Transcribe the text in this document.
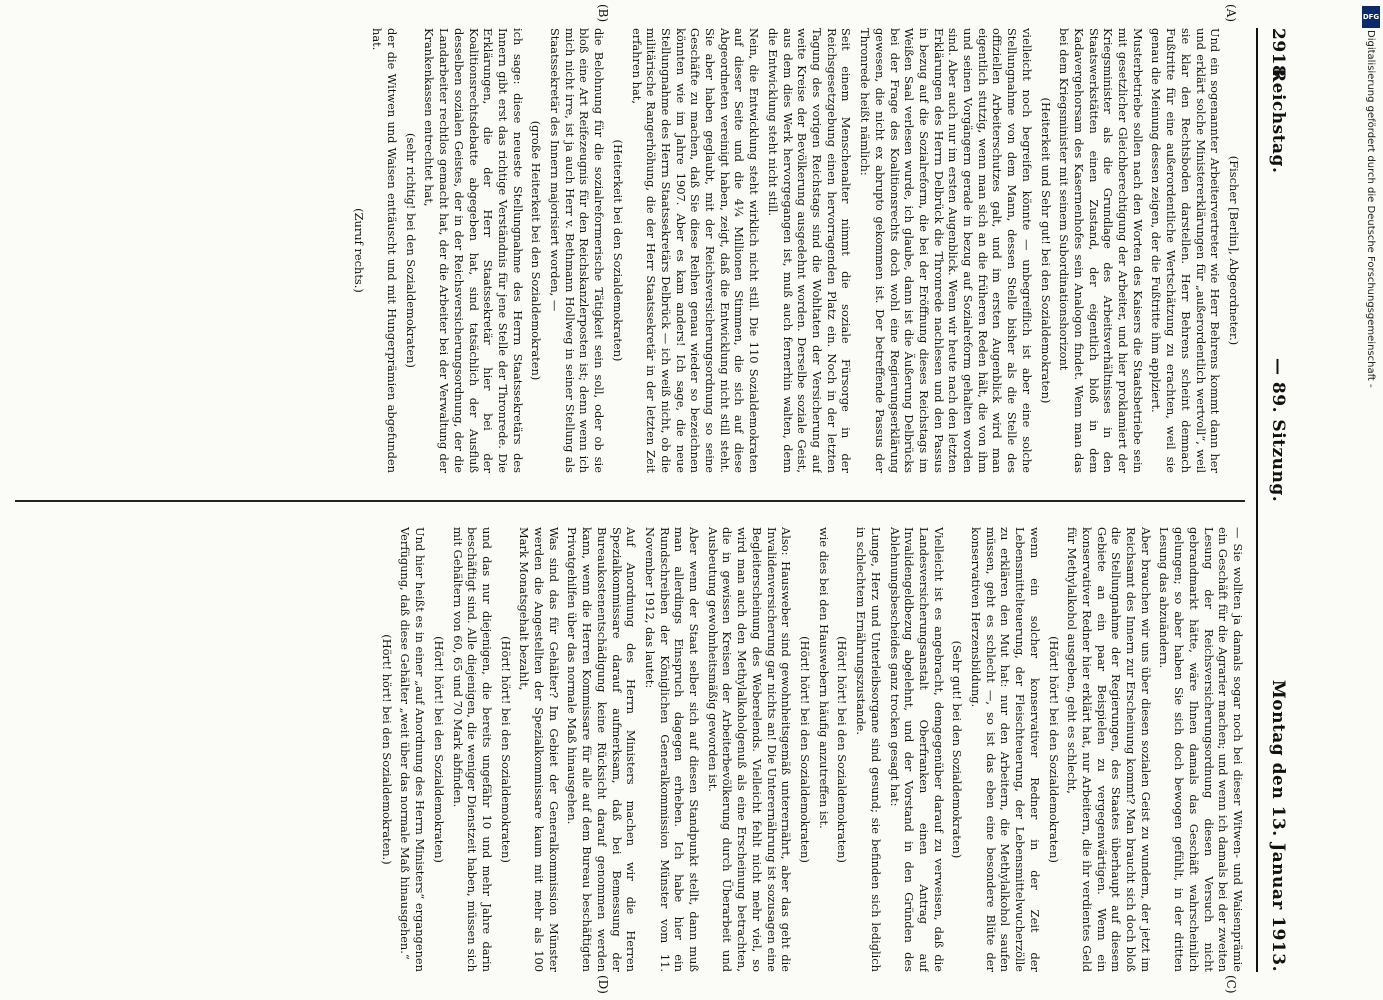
2918
Reichstag.
— 89. Sitzung.
Montag den 13. Januar 1913.
(A)
(B)
(C)
(D)

(Fischer [Berlin], Abgeordneter.)

Und ein sogenannter Arbeitervertreter wie Herr Behrens kommt dann her und erklärt solche Ministererklärungen für „außerordentlich wertvoll“, weil sie klar den Rechtsboden darstellen. Herr Behrens scheint demnach Fußtritte für eine außerordentliche Wertschätzung zu erachten, weil sie genau die Meinung dessen zeigen, der die Fußtritte ihm applziert.

Musterbetriebe sollen nach den Worten des Kaisers die Staatsbetriebe sein mit gesetzlicher Gleichberechtigung der Arbeiter, und hier proklamiert der Kriegsminister als die Grundlage des Arbeitsverhältnisses in den Staatswerkstätten einen Zustand, der eigentlich bloß in dem Kadavergehorsam des Kasernenhofes sein Analogon findet. Wenn man das bei dem Kriegsminister mit seinem Subordinationshorizont

(Heiterkeit und Sehr gut! bei den Sozialdemokraten)

vielleicht noch begreifen könnte — unbegreiflich ist aber eine solche Stellungnahme von dem Mann, dessen Stelle bisher als die Stelle des offiziellen Arbeiterschutzes galt, und im ersten Augenblick wird man eigentlich stutzig, wenn man sich an die früheren Reden hält, die von ihm und seinen Vorgängern gerade in bezug auf Sozialreform gehalten worden sind. Aber auch nur im ersten Augenblick. Wenn wir heute nach den letzten Erklärungen des Herrn Delbrück die Thronrede nachlesen und den Passus in bezug auf die Sozialreform, die bei der Eröffnung dieses Reichstags im Weißen Saal verlesen wurde, ich glaube, dann ist die Äußerung Delbrücks bei der Frage des Koalitionsrechts doch wohl eine Regierungserklärung gewesen, die nicht ex abrupto gekommen ist. Der betreffende Passus der Thronrede heißt nämlich:

Seit einem Menschenalter nimmt die soziale Fürsorge in der Reichsgesetzgebung einen hervorragenden Platz ein. Noch in der letzten Tagung des vorigen Reichstags sind die Wohltaten der Versicherung auf weite Kreise der Bevölkerung ausgedehnt worden. Derselbe soziale Geist, aus dem dies Werk hervorgegangen ist, muß auch fernerhin walten, denn die Entwicklung steht nicht still.

Nein, die Entwicklung steht wirklich nicht still. Die 110 Sozialdemokraten auf dieser Seite und die 4¼ Millionen Stimmen, die sich auf diese Abgeordneten vereinigt haben, zeigt, daß die Entwicklung nicht still steht. Sie aber haben geglaubt, mit der Reichsversicherungsordnung so seine Geschäfte zu machen, daß Sie diese Reihen genau wieder so bezeichnen könnten wie im Jahre 1907. Aber es kam anders! Ich sage, die neue Stellungnahme des Herrn Staatssekretärs Delbrück — ich weiß nicht, ob die militärische Rangerhöhung, die der Herr Staatssekretär in der letzten Zeit erfahren hat,

(Heiterkeit bei den Sozialdemokraten)

die Belohnung für die sozialreformerische Tätigkeit sein soll, oder ob sie bloß eine Art Reifezeugnis für den Reichskanzlerposten ist; denn wenn ich mich nicht irre, ist ja auch Herr v. Bethmann Hollweg in seiner Stellung als Staatssekretär des Innern majorisiert worden, —

(große Heiterkeit bei den Sozialdemokraten)

ich sage: diese neueste Stellungnahme des Herrn Staatssekretärs des Innern gibt erst das richtige Verständnis für jene Stelle der Thronrede. Die Erklärungen, die der Herr Staatssekretär hier bei der Koalitionsrechtsdebatte abgegeben hat, sind tatsächlich der Ausfluß desselben sozialen Geistes, der in der Reichsversicherungsordnung, der die Landarbeiter rechtlos gemacht hat, der die Arbeiter bei der Verwaltung der Krankenkassen entrechtet hat,

(sehr richtig! bei den Sozialdemokraten)

der die Witwen und Waisen enttäuscht und mit Hungerprämien abgefunden hat.

(Zuruf rechts.)

— Sie wollten ja damals sogar noch bei dieser Witwen- und Waisenprämie ein Geschäft für die Agrarier machen; und wenn ich damals bei der zweiten Lesung der Reichsversicherungsordnung diesen Versuch nicht gebrandmarkt hätte, wäre Ihnen damals das Geschäft wahrscheinlich gelungen; so aber haben Sie sich doch bewogen gefühlt, in der dritten Lesung das abzuändern.

Aber brauchen wir uns über diesen sozialen Geist zu wundern, der jetzt im Reichsamt des Innern zur Erscheinung kommt? Man braucht sich doch bloß die Stellungnahme der Regierungen, des Staates überhaupt auf diesem Gebiete an ein paar Beispielen zu vergegenwärtigen. Wenn ein konservativer Redner hier erklärt hat, nur Arbeitern, die ihr verdientes Geld für Methylalkohol ausgeben, geht es schlecht,

(Hört! hört! bei den Sozialdemokraten)

wenn ein solcher konservativer Redner in der Zeit der Lebensmittelteuerung, der Fleischteuerung, der Lebensmittelwucherzölle zu erklären den Mut hat: nur den Arbeitern, die Methylalkohol saufen müssen, geht es schlecht —, so ist das eben eine besondere Blüte der konservativen Herzensbildung.

(Sehr gut! bei den Sozialdemokraten)

Vielleicht ist es angebracht, demgegenüber darauf zu verweisen, daß die Landesversicherungsanstalt Oberfranken einen Antrag auf Invalidengeldbezug abgelehnt, und der Vorstand in den Gründen des Ablehnungsbescheides ganz trocken gesagt hat:

Lunge, Herz und Unterleibsorgane sind gesund; sie befinden sich lediglich in schlechtem Ernährungszustande.

(Hört! hört! bei den Sozialdemokraten)

wie dies bei den Hauswebern häufig anzutreffen ist.

(Hört! hört! bei den Sozialdemokraten)

Also: Hausweber sind gewohnheitsgemäß unterernährt, aber das geht die Invalidenversicherung gar nichts an! Die Unterernährung ist sozusagen eine Begleiterscheinung des Weberelends. Vielleicht fehlt nicht mehr viel, so wird man auch den Methylalkoholgenuß als eine Erscheinung betrachten, die in gewissen Kreisen der Arbeiterbevölkerung durch Überarbeit und Ausbeutung gewohnheitsmäßig geworden ist.

Aber wenn der Staat selber sich auf diesen Standpunkt stellt, dann muß man allerdings Einspruch dagegen erheben. Ich habe hier ein Rundschreiben der Königlichen Generalkommission Münster vom 11. November 1912, das lautet:

Auf Anordnung des Herrn Ministers machen wir die Herren Spezialkommissare darauf aufmerksam, daß bei Bemessung der Bureaukostenentschädigung keine Rücksicht darauf genommen werden kann, wenn die Herren Kommissare für alle auf dem Bureau beschäftigten Privatgehilfen über das normale Maß hinausgehen.

Was sind das für Gehälter? Im Gebiet der Generalkommission Münster werden die Angestellten der Spezialkommissare kaum mit mehr als 100 Mark Monatsgehalt bezahlt,

(Hört! hört! bei den Sozialdemokraten)

und das nur diejenigen, die bereits ungefähr 10 und mehr Jahre darin beschäftigt sind. Alle diejenigen, die weniger Dienstzeit haben, müssen sich mit Gehältern von 60, 65 und 70 Mark abfinden.

(Hört! hört! bei den Sozialdemokraten)

Und hier heißt es in einer „auf Anordnung des Herrn Ministers“ ergangenen Verfügung, daß diese Gehälter „weit über das normale Maß hinausgehen.“

(Hört! hört! bei den Sozialdemokraten.)

DFG
Digitalisierung gefördert durch die Deutsche Forschungsgemeinschaft -
